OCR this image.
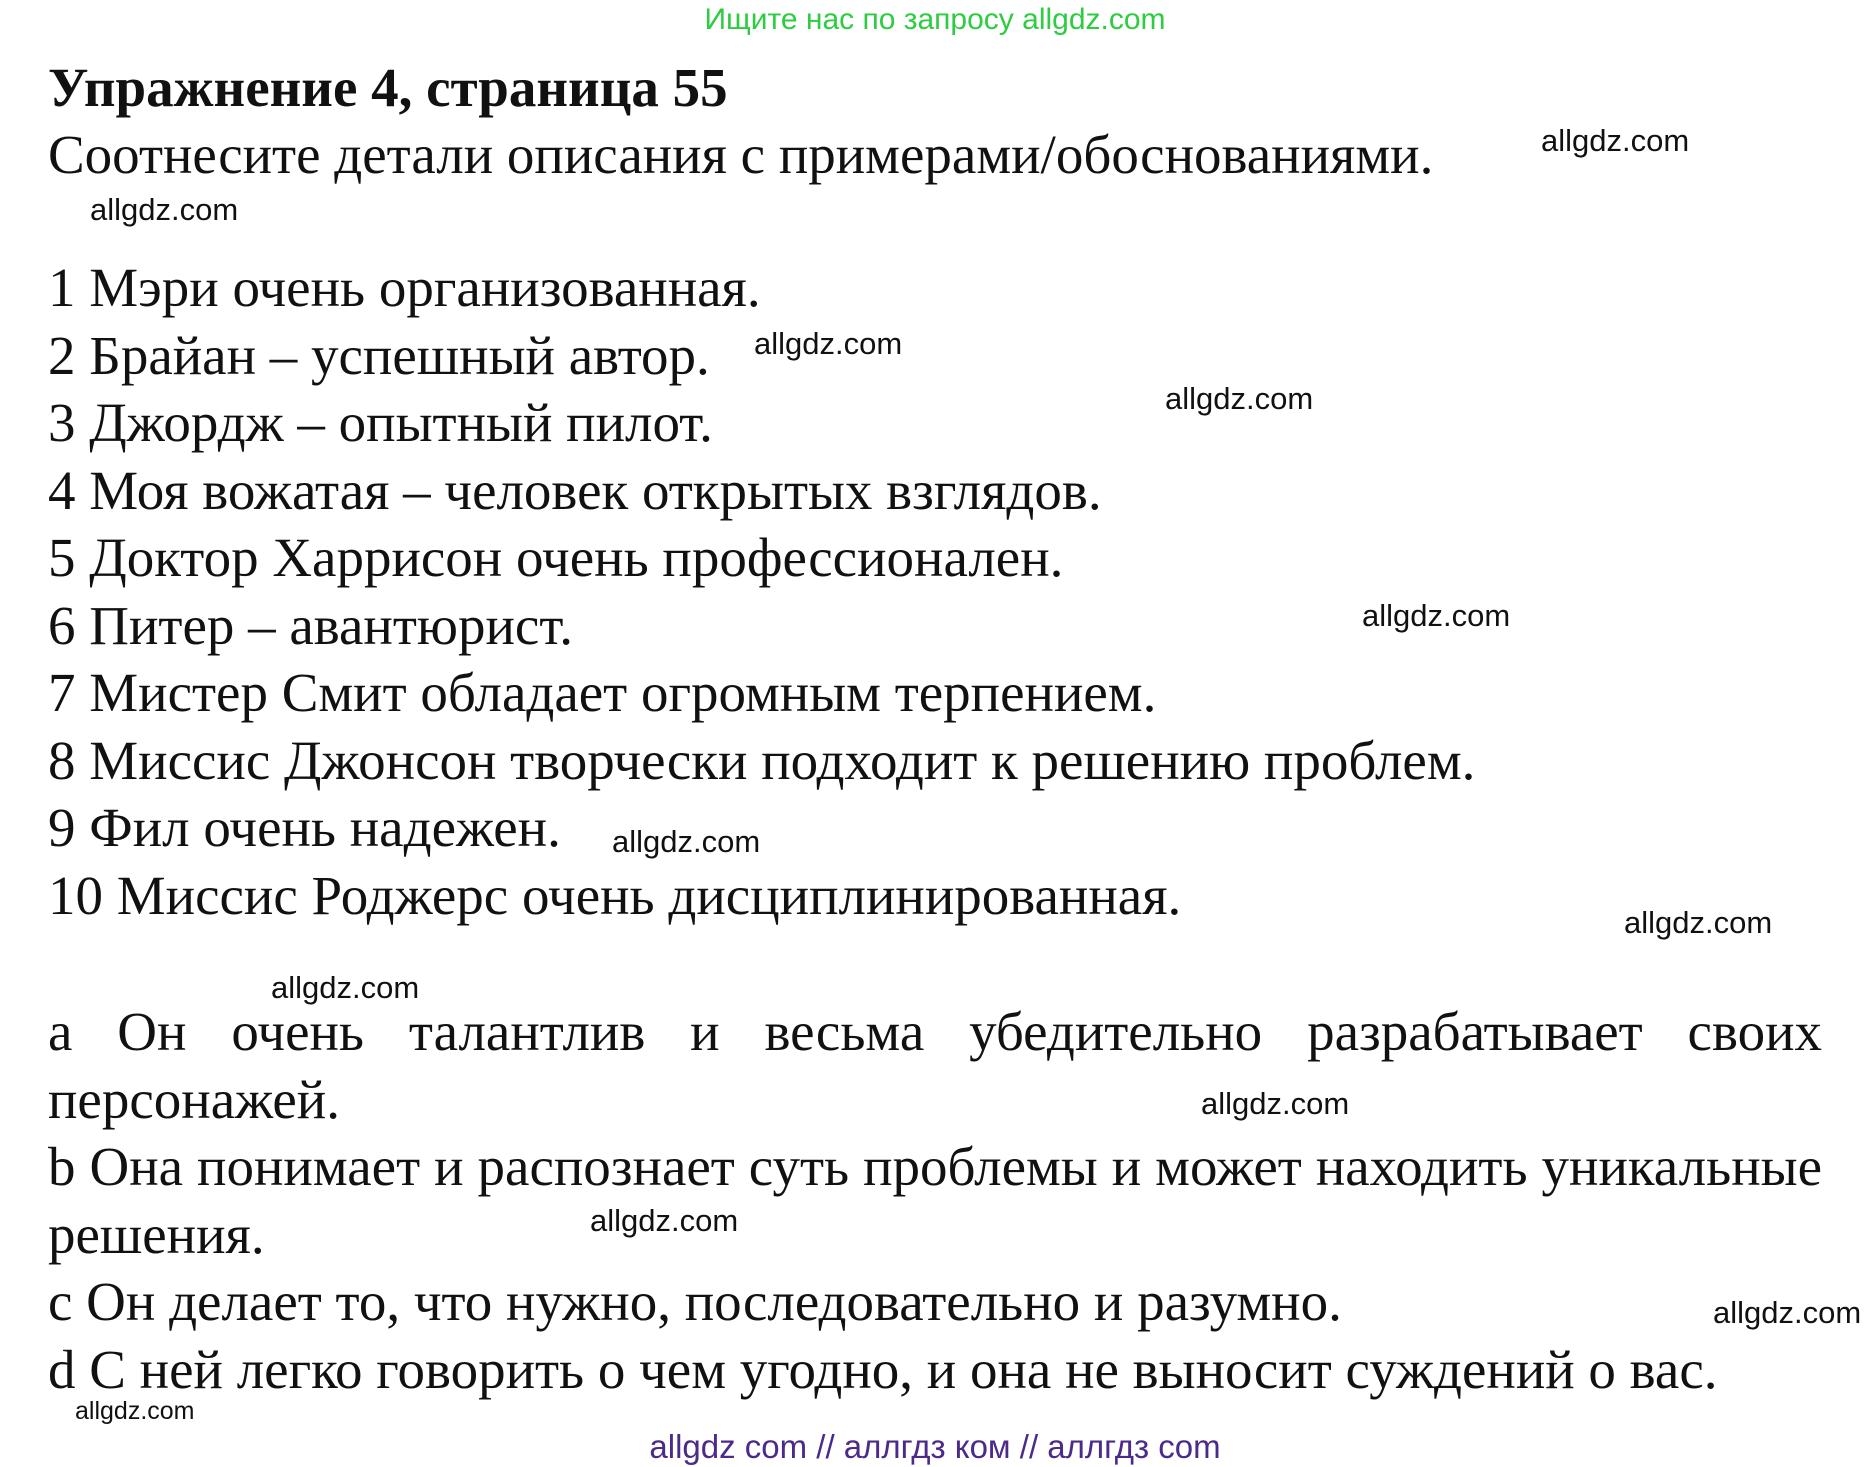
Ищите нас по запросу allgdz.com
Упражнение 4, страница 55
Соотнесите детали описания с примерами/обоснованиями.
1 Мэри очень организованная.
2 Брайан – успешный автор.
3 Джордж – опытный пилот.
4 Моя вожатая – человек открытых взглядов.
5 Доктор Харрисон очень профессионален.
6 Питер – авантюрист.
7 Мистер Смит обладает огромным терпением.
8 Миссис Джонсон творчески подходит к решению проблем.
9 Фил очень надежен.
10 Миссис Роджерс очень дисциплинированная.
a Он очень талантлив и весьма убедительно разрабатывает своих персонажей.
b Она понимает и распознает суть проблемы и может находить уникальные решения.
c Он делает то, что нужно, последовательно и разумно.
d С ней легко говорить о чем угодно, и она не выносит суждений о вас.
allgdz.com
allgdz.com
allgdz.com
allgdz.com
allgdz.com
allgdz.com
allgdz.com
allgdz.com
allgdz.com
allgdz.com
allgdz.com
allgdz.com
allgdz com // аллгдз ком // аллгдз com
